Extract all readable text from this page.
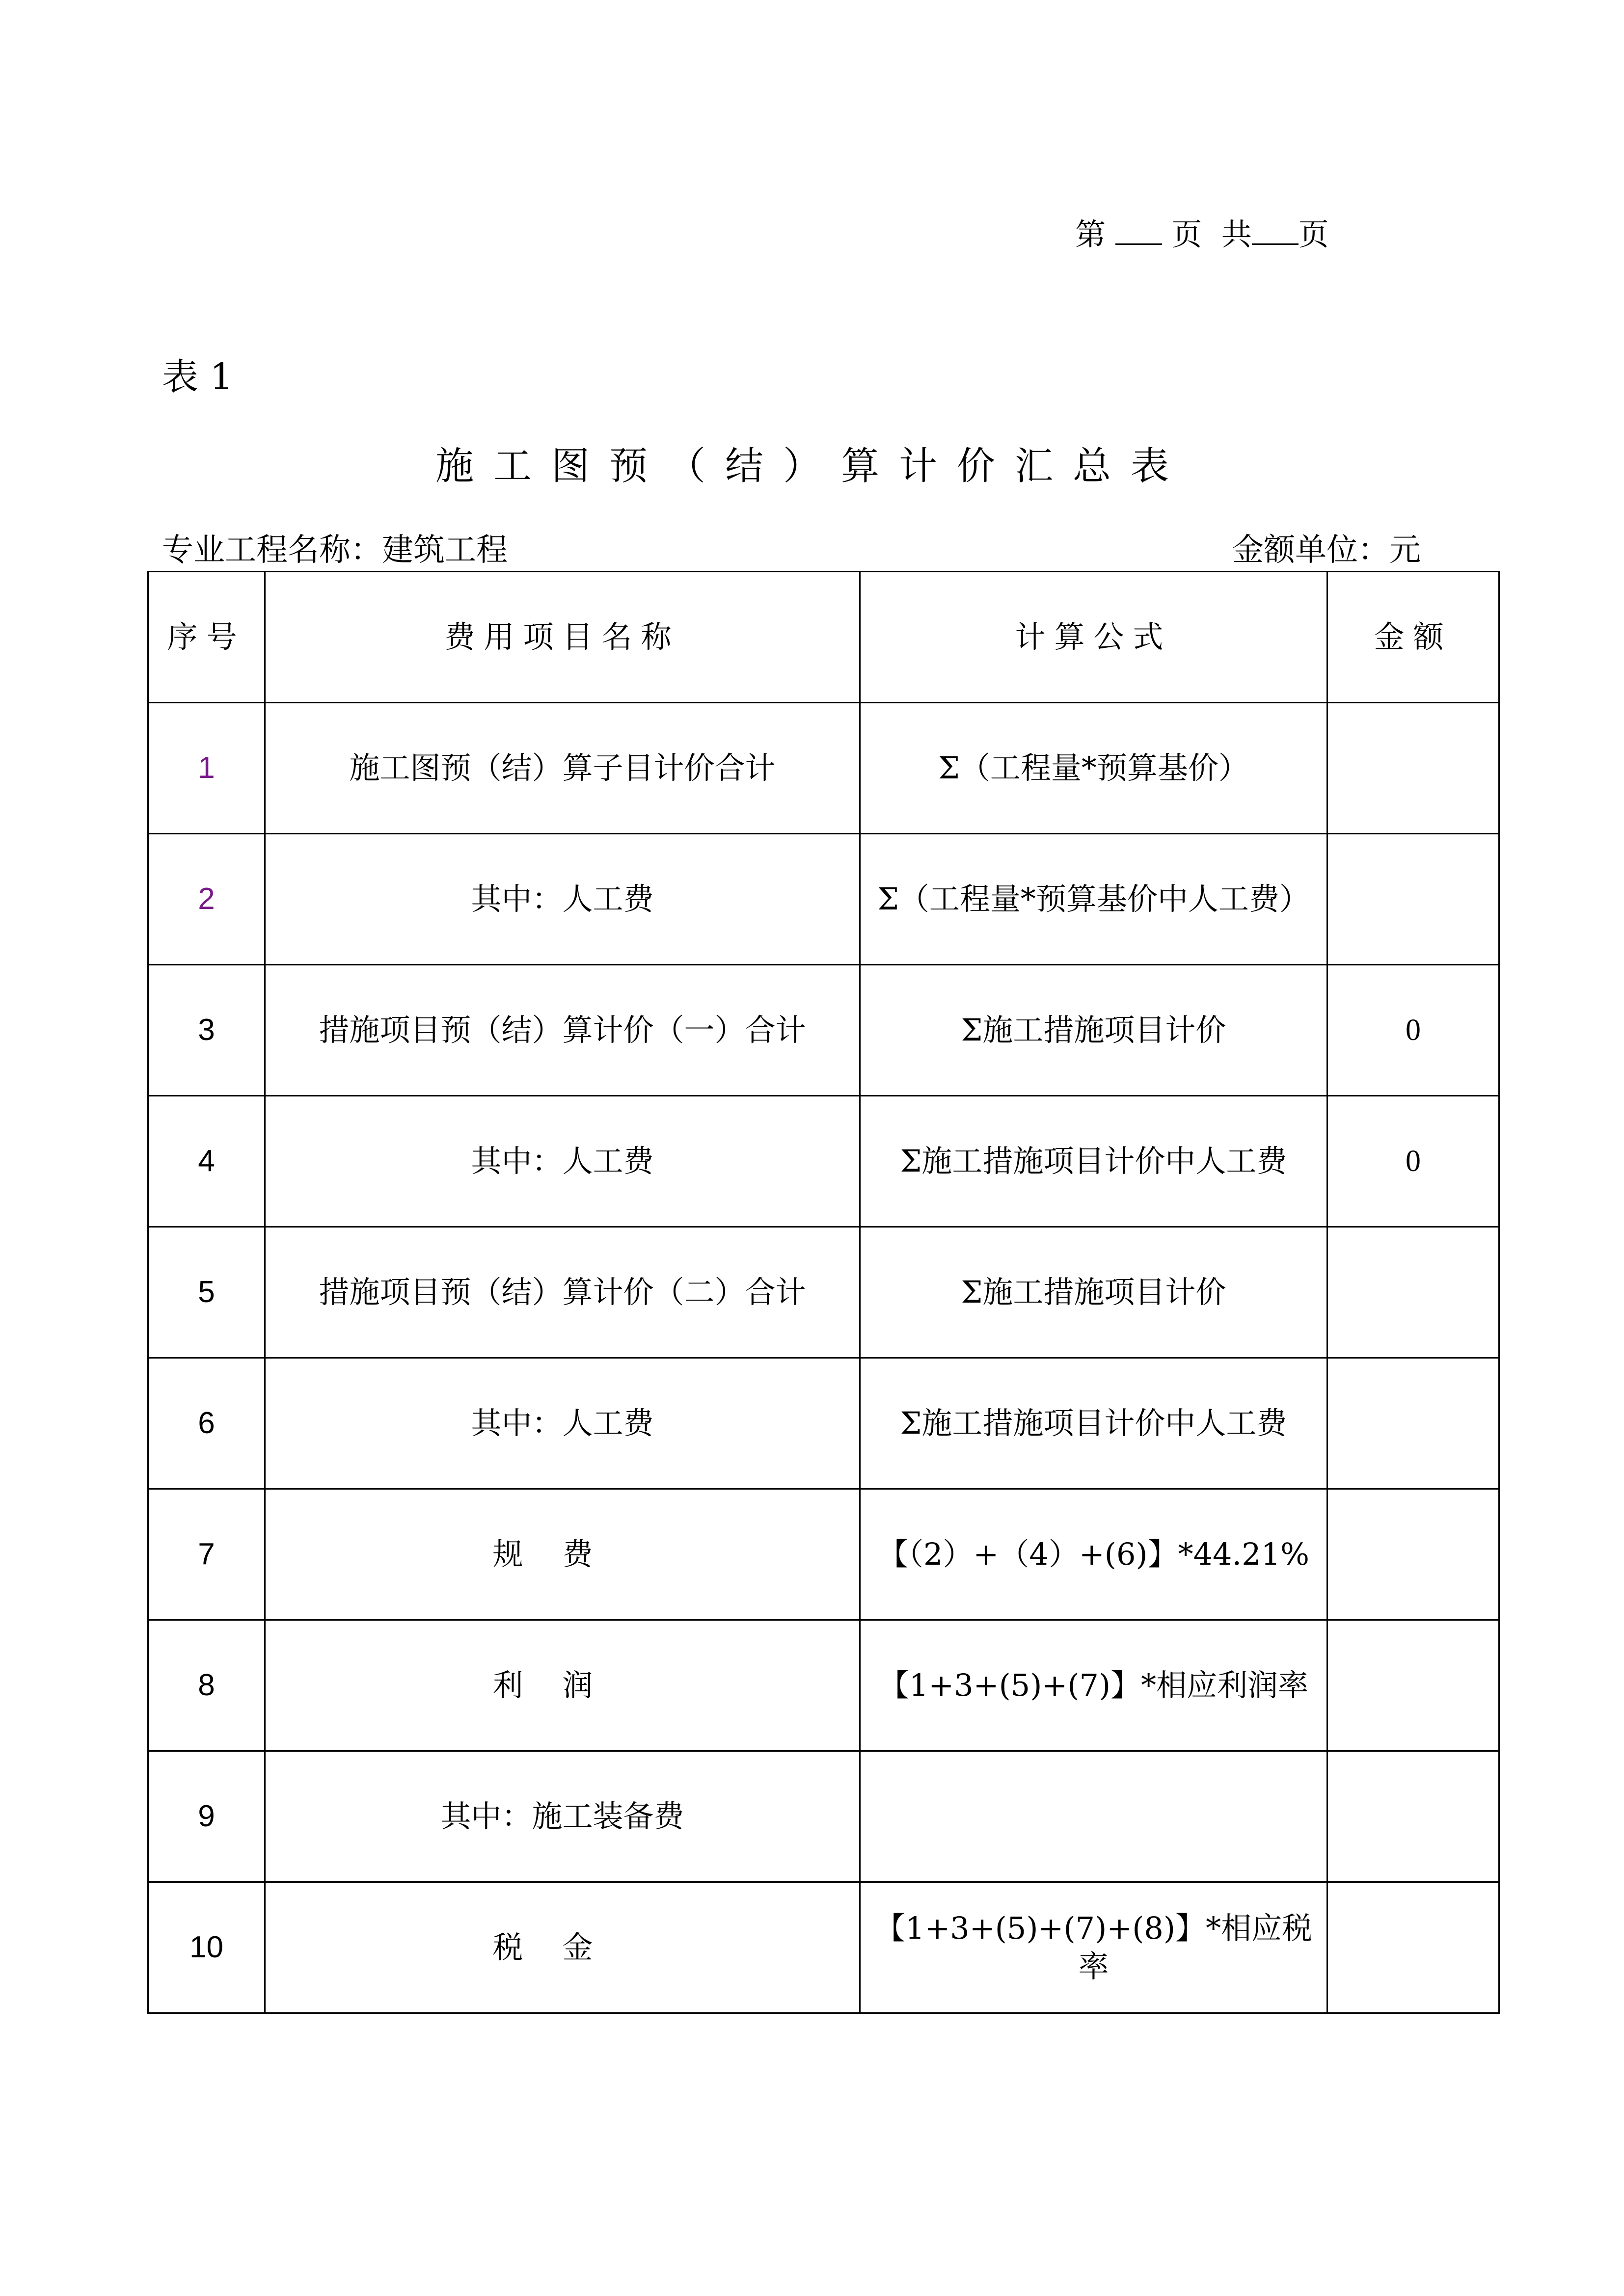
第 页  共 页
表 1
施工图预（结）算计价汇总表
专业工程名称：建筑工程	金额单位：元
序号	费用项目名称	计算公式	金额
1	施工图预（结）算子目计价合计	Σ（工程量*预算基价）	
2	其中：人工费	Σ（工程量*预算基价中人工费）	
3	措施项目预（结）算计价（一）合计	Σ施工措施项目计价	0
4	其中：人工费	Σ施工措施项目计价中人工费	0
5	措施项目预（结）算计价（二）合计	Σ施工措施项目计价	
6	其中：人工费	Σ施工措施项目计价中人工费	
7	规费	【（2）+（4）+(6)】*44.21%	
8	利润	【1+3+(5)+(7)】*相应利润率	
9	其中：施工装备费		
10	税金	【1+3+(5)+(7)+(8)】*相应税率	
